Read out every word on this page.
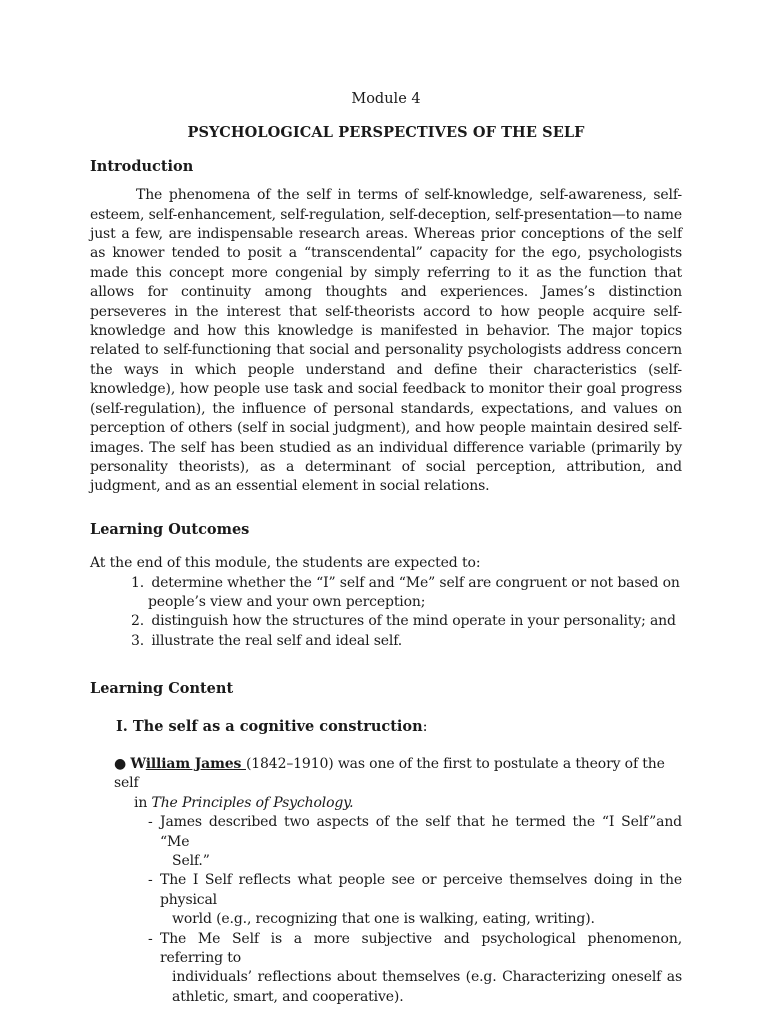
Module 4

PSYCHOLOGICAL PERSPECTIVES OF THE SELF

Introduction

The phenomena of the self in terms of self-knowledge, self-awareness, self-esteem, self-enhancement, self-regulation, self-deception, self-presentation—to name just a few, are indispensable research areas. Whereas prior conceptions of the self as knower tended to posit a “transcendental” capacity for the ego, psychologists made this concept more congenial by simply referring to it as the function that allows for continuity among thoughts and experiences. James’s distinction perseveres in the interest that self-theorists accord to how people acquire self-knowledge and how this knowledge is manifested in behavior. The major topics related to self-functioning that social and personality psychologists address concern the ways in which people understand and define their characteristics (self-knowledge), how people use task and social feedback to monitor their goal progress (self-regulation), the influence of personal standards, expectations, and values on perception of others (self in social judgment), and how people maintain desired self-images. The self has been studied as an individual difference variable (primarily by personality theorists), as a determinant of social perception, attribution, and judgment, and as an essential element in social relations.

Learning Outcomes

At the end of this module, the students are expected to:

1. determine whether the “I” self and “Me” self are congruent or not based on
people’s view and your own perception;
2. distinguish how the structures of the mind operate in your personality; and
3. illustrate the real self and ideal self.

Learning Content

I. The self as a cognitive construction:

● William James (1842–1910) was one of the first to postulate a theory of the self
in The Principles of Psychology.
- James described two aspects of the self that he termed the “I Self”and “Me
Self.”
- The I Self reflects what people see or perceive themselves doing in the physical
world (e.g., recognizing that one is walking, eating, writing).
- The Me Self is a more subjective and psychological phenomenon, referring to
individuals’ reflections about themselves (e.g. Characterizing oneself as athletic, smart, and cooperative).
